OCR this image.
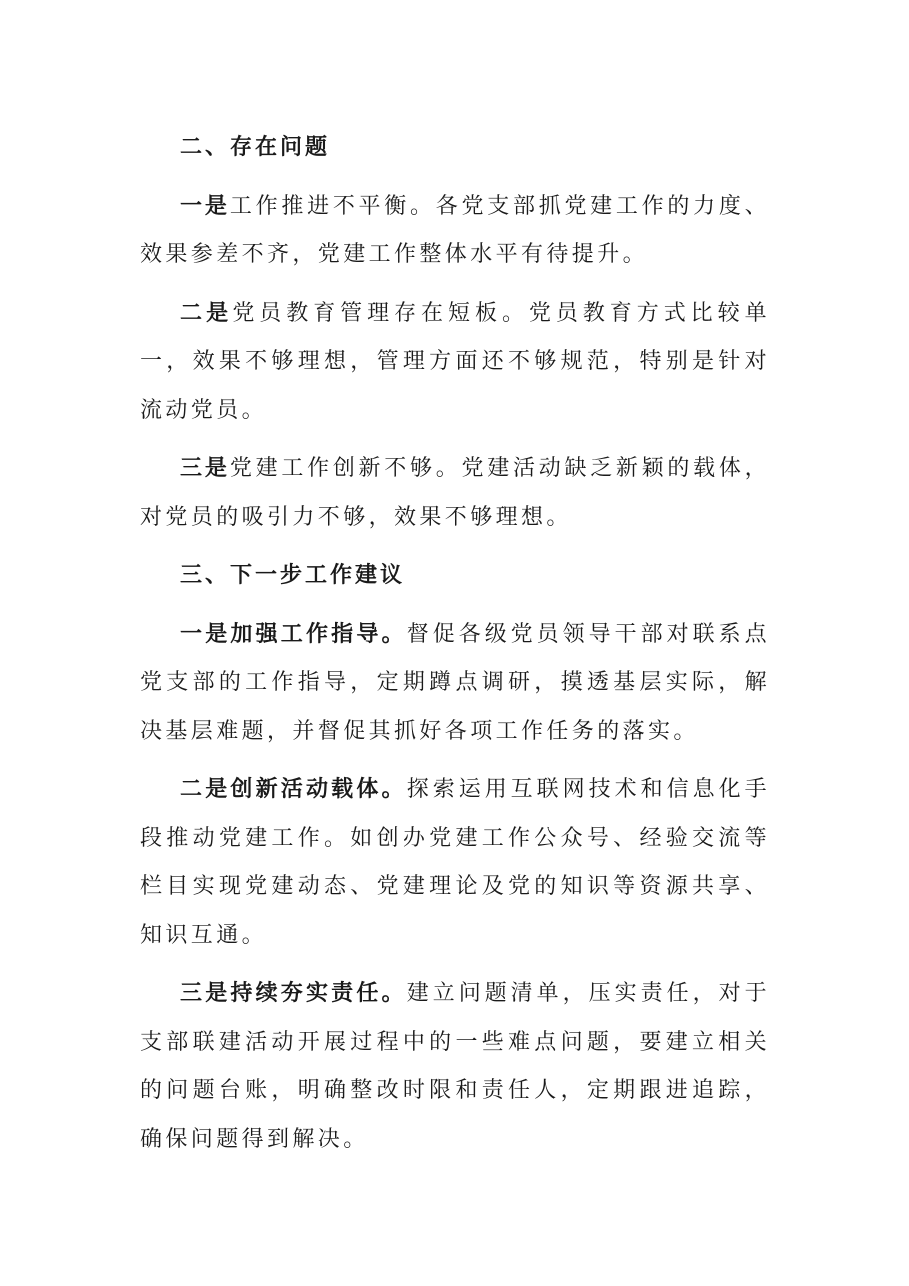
二、存在问题

一是工作推进不平衡。各党支部抓党建工作的力度、效果参差不齐，党建工作整体水平有待提升。

二是党员教育管理存在短板。党员教育方式比较单一，效果不够理想，管理方面还不够规范，特别是针对流动党员。

三是党建工作创新不够。党建活动缺乏新颖的载体，对党员的吸引力不够，效果不够理想。

三、下一步工作建议

一是加强工作指导。督促各级党员领导干部对联系点党支部的工作指导，定期蹲点调研，摸透基层实际，解决基层难题，并督促其抓好各项工作任务的落实。

二是创新活动载体。探索运用互联网技术和信息化手段推动党建工作。如创办党建工作公众号、经验交流等栏目实现党建动态、党建理论及党的知识等资源共享、知识互通。

三是持续夯实责任。建立问题清单，压实责任，对于支部联建活动开展过程中的一些难点问题，要建立相关的问题台账，明确整改时限和责任人，定期跟进追踪，确保问题得到解决。
